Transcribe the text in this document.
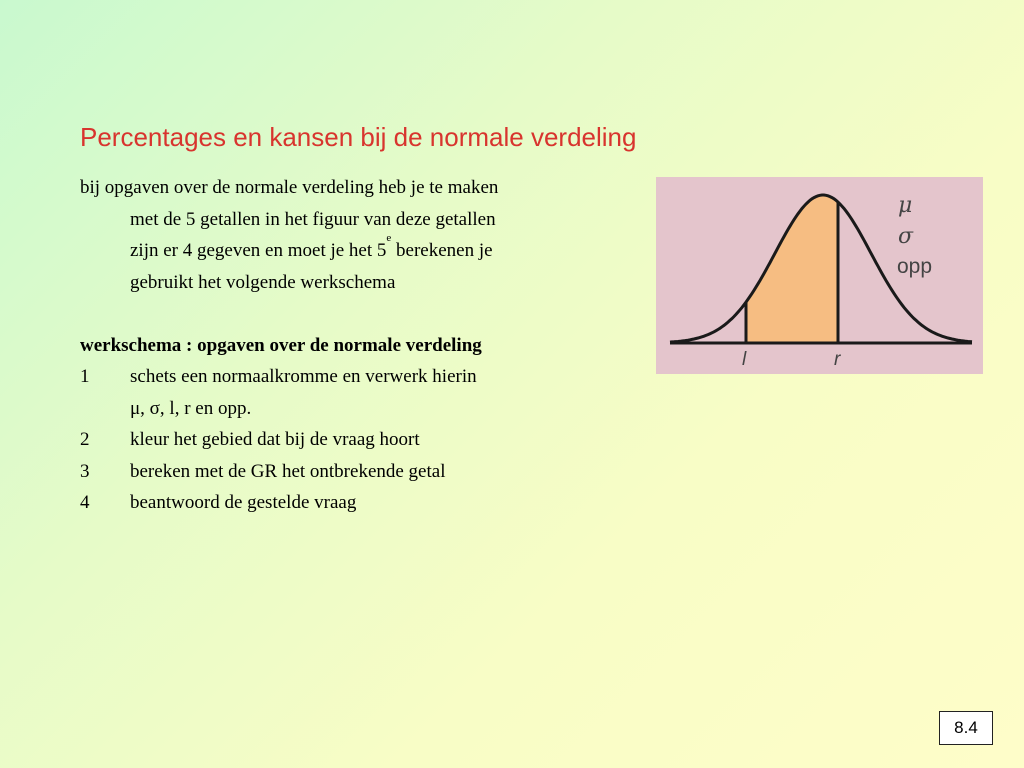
Percentages en kansen bij de normale verdeling
bij opgaven over de normale verdeling heb je te maken
met de 5 getallen in het figuur van deze getallen
zijn er 4 gegeven en moet je het 5e berekenen je
gebruikt het volgende werkschema
werkschema : opgaven over de normale verdeling
1 schets een normaalkromme en verwerk hierin
μ, σ, l, r en opp.
2 kleur het gebied dat bij de vraag hoort
3 bereken met de GR het ontbrekende getal
4 beantwoord de gestelde vraag
μ
σ
opp
l	r
8.4
